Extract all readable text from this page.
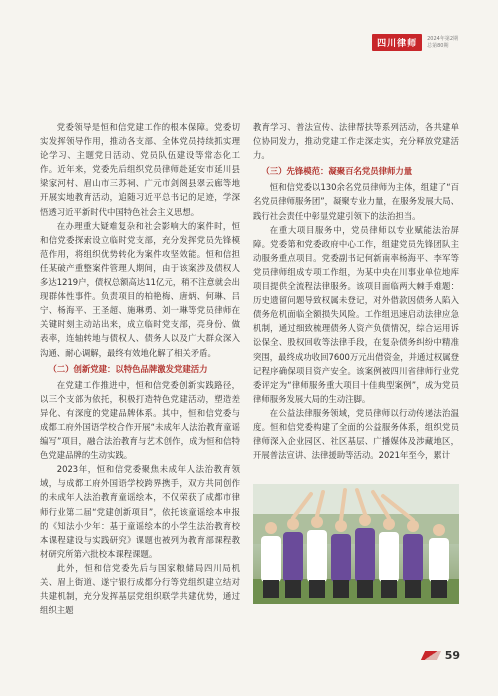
四川律师
2024年第2期
总第80期

党委领导是恒和信党建工作的根本保障。党委切实发挥领导作用，推动各支部、全体党员持续抓实理论学习、主题党日活动、党员队伍建设等常态化工作。近年来，党委先后组织党员律师赴延安市延川县梁家河村、眉山市三苏祠、广元市剑阁县翠云廊等地开展实地教育活动，追随习近平总书记的足迹，学深悟透习近平新时代中国特色社会主义思想。

在办理重大疑难复杂和社会影响大的案件时，恒和信党委探索设立临时党支部，充分发挥党员先锋模范作用，将组织优势转化为案件攻坚效能。恒和信担任某破产重整案件管理人期间，由于该案涉及债权人多达1219户，债权总额高达11亿元，稍不注意就会出现群体性事件。负责项目的柏艳梅、唐炳、何琳、吕宁、杨海平、王圣超、施琳勇、刘一琳等党员律师在关键时刻主动站出来，成立临时党支部，亮身份、做表率，连轴转地与债权人、债务人以及广大群众深入沟通、耐心调解，最终有效地化解了相关矛盾。

（二）创新党建：以特色品牌激发党建活力

在党建工作推进中，恒和信党委创新实践路径，以三个支部为依托，积极打造特色党建活动，塑造差异化、有深度的党建品牌体系。其中，恒和信党委与成都工府外国语学校合作开展“未成年人法治教育童谣编写”项目，融合法治教育与艺术创作，成为恒和信特色党建品牌的生动实践。

2023年，恒和信党委聚焦未成年人法治教育领域，与成都工府外国语学校跨界携手，双方共同创作的未成年人法治教育童谣绘本，不仅荣获了成都市律师行业第二届“党建创新项目”，依托该童谣绘本申报的《知法小少年：基于童谣绘本的小学生法治教育校本课程建设与实践研究》课题也被列为教育部课程教材研究所第六批校本课程课题。

此外，恒和信党委先后与国家粮储局四川局机关、眉上街道、遂宁银行成都分行等党组织建立结对共建机制，充分发挥基层党组织联学共建优势，通过组织主题

教育学习、普法宣传、法律帮扶等系列活动，各共建单位协同发力，推动党建工作走深走实，充分释放党建活力。

（三）先锋模范：凝聚百名党员律师力量

恒和信党委以130余名党员律师为主体，组建了“百名党员律师服务团”，凝聚专业力量，在服务发展大局、践行社会责任中彰显党建引领下的法治担当。

在重大项目服务中，党员律师以专业赋能法治屏障。党委第和党委政府中心工作，组建党员先锋团队主动服务重点项目。党委副书记何新南率杨海平、李军等党员律师组成专项工作组，为某中央在川事业单位地库项目提供全流程法律服务。该项目面临两大棘手难题：历史遗留问题导致权属未登记，对外借款因债务人陷入债务危机面临全额损失风险。工作组迅速启动法律应急机制，通过细致梳理债务人资产负债情况，综合运用诉讼保全、股权回收等法律手段，在复杂债务纠纷中精准突围，最终成功收回7600万元出借资金，并通过权属登记程序确保项目资产安全。该案例被四川省律师行业党委评定为“律师服务重大项目十佳典型案例”，成为党员律师服务发展大局的生动注脚。

在公益法律服务领域，党员律师以行动传递法治温度。恒和信党委构建了全面的公益服务体系，组织党员律师深入企业园区、社区基层、广播媒体及涉藏地区，开展普法宣讲、法律援助等活动。2021年至今，累计

59
